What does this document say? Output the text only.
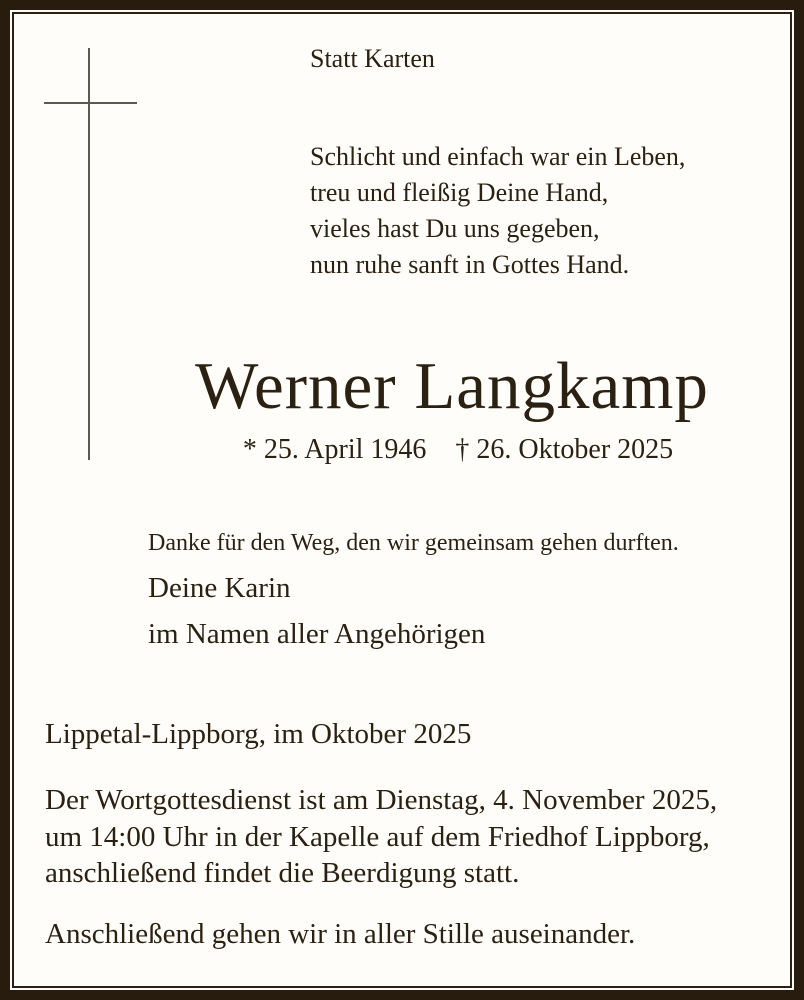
Statt Karten
Schlicht und einfach war ein Leben,
treu und fleißig Deine Hand,
vieles hast Du uns gegeben,
nun ruhe sanft in Gottes Hand.
Werner Langkamp
* 25. April 1946 † 26. Oktober 2025
Danke für den Weg, den wir gemeinsam gehen durften.
Deine Karin
im Namen aller Angehörigen
Lippetal-Lippborg, im Oktober 2025
Der Wortgottesdienst ist am Dienstag, 4. November 2025,
um 14:00 Uhr in der Kapelle auf dem Friedhof Lippborg,
anschließend findet die Beerdigung statt.
Anschließend gehen wir in aller Stille auseinander.
